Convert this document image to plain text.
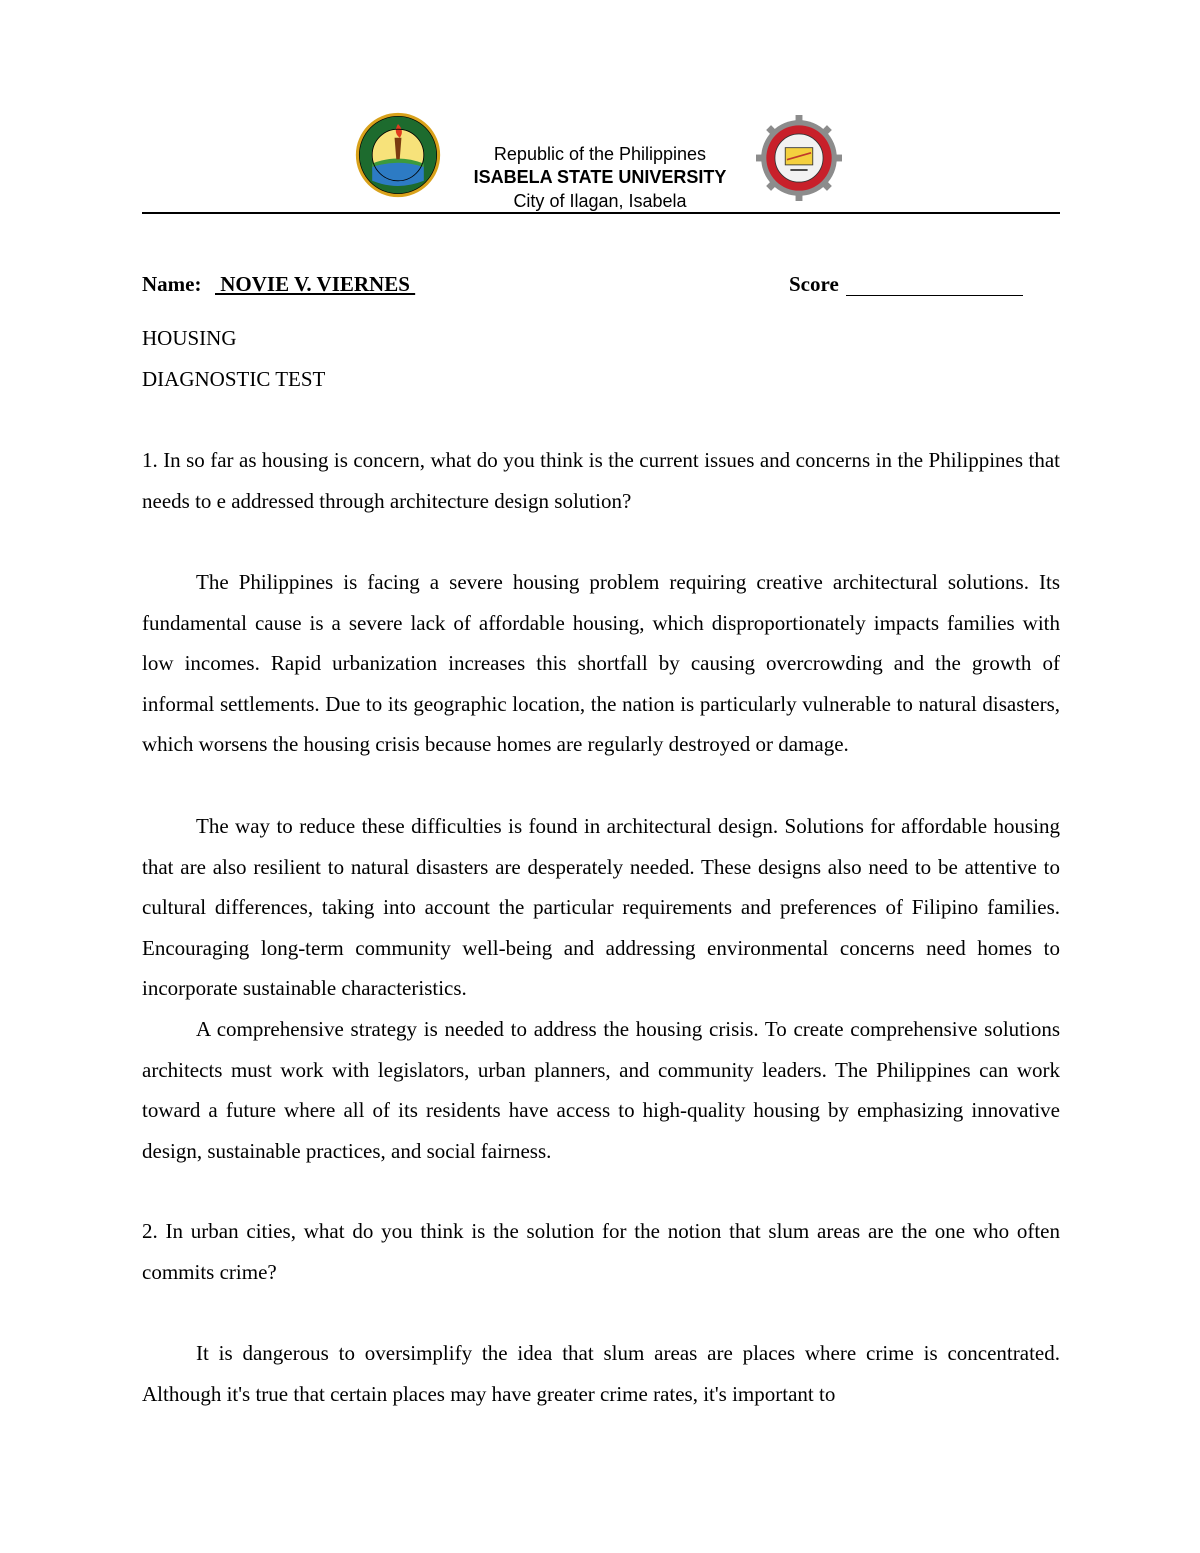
Republic of the Philippines
ISABELA STATE UNIVERSITY
City of Ilagan, Isabela
Name: NOVIE V. VIERNES	Score
HOUSING
DIAGNOSTIC TEST

1. In so far as housing is concern, what do you think is the current issues and concerns in the Philippines that needs to e addressed through architecture design solution?

The Philippines is facing a severe housing problem requiring creative architectural solutions. Its fundamental cause is a severe lack of affordable housing, which disproportionately impacts families with low incomes. Rapid urbanization increases this shortfall by causing overcrowding and the growth of informal settlements. Due to its geographic location, the nation is particularly vulnerable to natural disasters, which worsens the housing crisis because homes are regularly destroyed or damage.

The way to reduce these difficulties is found in architectural design. Solutions for affordable housing that are also resilient to natural disasters are desperately needed. These designs also need to be attentive to cultural differences, taking into account the particular requirements and preferences of Filipino families. Encouraging long-term community well-being and addressing environmental concerns need homes to incorporate sustainable characteristics.

A comprehensive strategy is needed to address the housing crisis. To create comprehensive solutions architects must work with legislators, urban planners, and community leaders. The Philippines can work toward a future where all of its residents have access to high-quality housing by emphasizing innovative design, sustainable practices, and social fairness.

2. In urban cities, what do you think is the solution for the notion that slum areas are the one who often commits crime?

It is dangerous to oversimplify the idea that slum areas are places where crime is concentrated. Although it's true that certain places may have greater crime rates, it's important to
